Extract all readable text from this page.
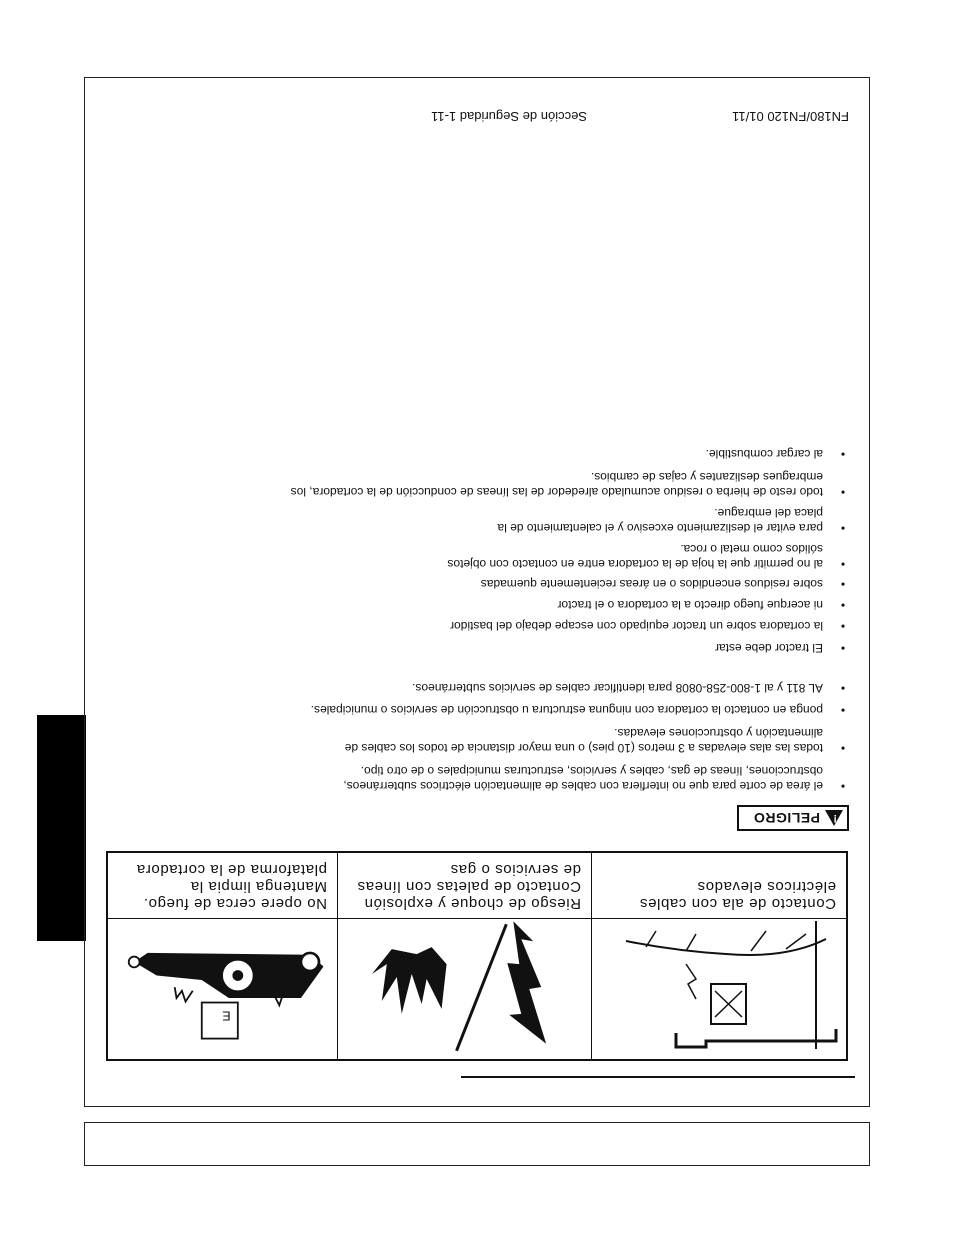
Contacto de ala con cables eléctricos elevados
Riesgo de choque y explosión Contacto de paletas con líneas de servicios o gas
E
No opere cerca de fuego. Mantenga limpia la plataforma de la cortadora
!
PELIGRO
•
el área de corte para que no interfiera con cables de alimentación eléctricos subterráneos,
obstrucciones, líneas de gas, cables y servicios, estructuras municipales o de otro tipo.
•
todas las alas elevadas a 3 metros (10 pies) o una mayor distancia de todos los cables de
alimentación y obstrucciones elevadas.
•
ponga en contacto la cortadora con ninguna estructura u obstrucción de servicios o municipales.
•
AL 811 y al 1-800-258-0808 para identificar cables de servicios subterráneos.
•
El tractor debe estar
•
la cortadora sobre un tractor equipado con escape debajo del bastidor
•
ni acerque fuego directo a la cortadora o el tractor
•
sobre residuos encendidos o en áreas recientemente quemadas
•
al no permitir que la hoja de la cortadora entre en contacto con objetos
sólidos como metal o roca.
•
para evitar el deslizamiento excesivo y el calentamiento de la
placa del embrague.
•
todo resto de hierba o residuo acumulado alrededor de las líneas de conducción de la cortadora, los
embragues deslizantes y cajas de cambios.
•
al cargar combustible.
FN180/FN120 01/11
Sección de Seguridad 1-11
